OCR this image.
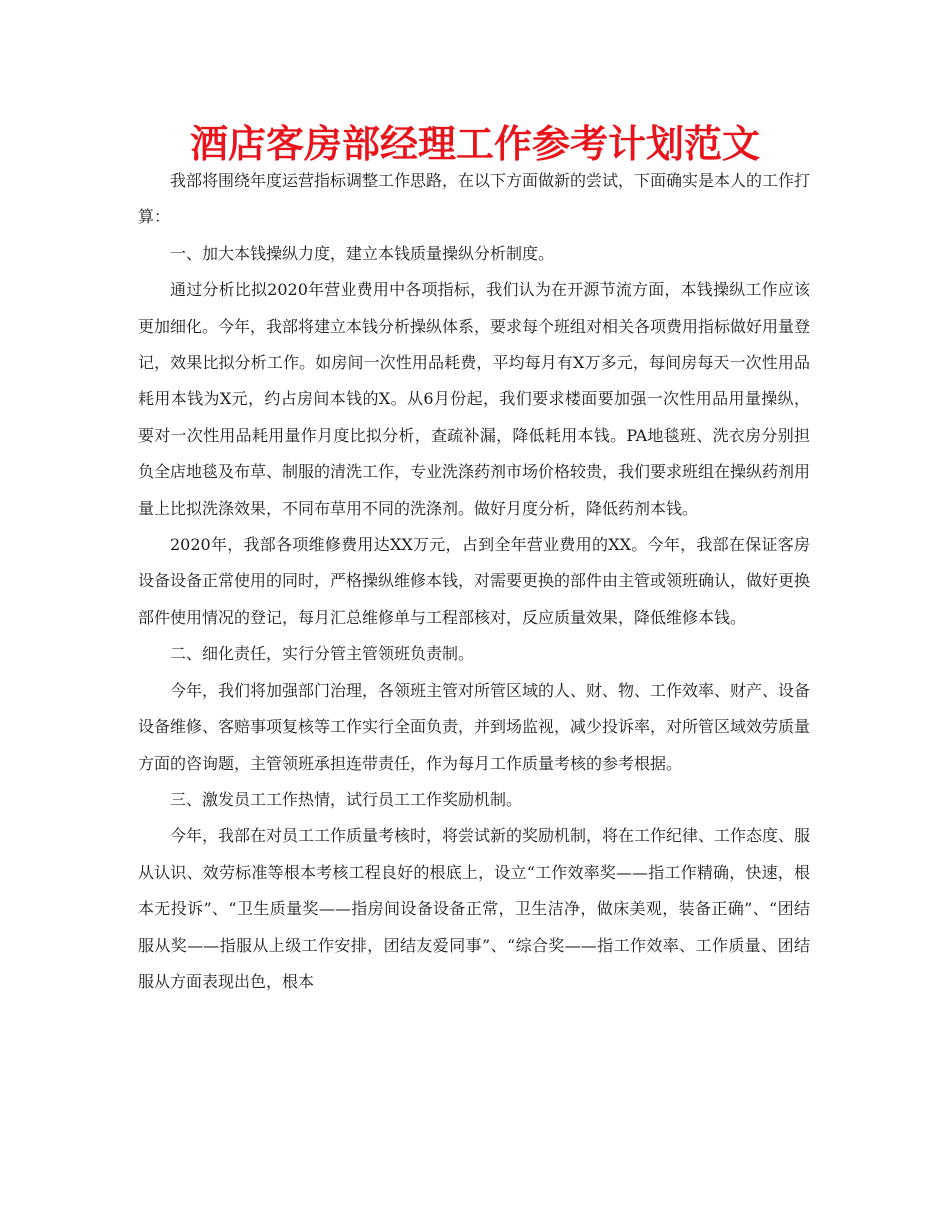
酒店客房部经理工作参考计划范文

我部将围绕年度运营指标调整工作思路，在以下方面做新的尝试，下面确实是本人的工作打算：

一、加大本钱操纵力度，建立本钱质量操纵分析制度。

通过分析比拟2020年营业费用中各项指标，我们认为在开源节流方面，本钱操纵工作应该更加细化。今年，我部将建立本钱分析操纵体系，要求每个班组对相关各项费用指标做好用量登记，效果比拟分析工作。如房间一次性用品耗费，平均每月有X万多元，每间房每天一次性用品耗用本钱为X元，约占房间本钱的X。从6月份起，我们要求楼面要加强一次性用品用量操纵，要对一次性用品耗用量作月度比拟分析，查疏补漏，降低耗用本钱。PA地毯班、洗衣房分别担负全店地毯及布草、制服的清洗工作，专业洗涤药剂市场价格较贵，我们要求班组在操纵药剂用量上比拟洗涤效果，不同布草用不同的洗涤剂。做好月度分析，降低药剂本钱。

2020年，我部各项维修费用达XX万元，占到全年营业费用的XX。今年，我部在保证客房设备设备正常使用的同时，严格操纵维修本钱，对需要更换的部件由主管或领班确认，做好更换部件使用情况的登记，每月汇总维修单与工程部核对，反应质量效果，降低维修本钱。

二、细化责任，实行分管主管领班负责制。

今年，我们将加强部门治理，各领班主管对所管区域的人、财、物、工作效率、财产、设备设备维修、客赔事项复核等工作实行全面负责，并到场监视，减少投诉率，对所管区域效劳质量方面的咨询题，主管领班承担连带责任，作为每月工作质量考核的参考根据。

三、激发员工工作热情，试行员工工作奖励机制。

今年，我部在对员工工作质量考核时，将尝试新的奖励机制，将在工作纪律、工作态度、服从认识、效劳标准等根本考核工程良好的根底上，设立“工作效率奖——指工作精确，快速，根本无投诉”、“卫生质量奖——指房间设备设备正常，卫生洁净，做床美观，装备正确”、“团结服从奖——指服从上级工作安排，团结友爱同事”、“综合奖——指工作效率、工作质量、团结服从方面表现出色，根本
